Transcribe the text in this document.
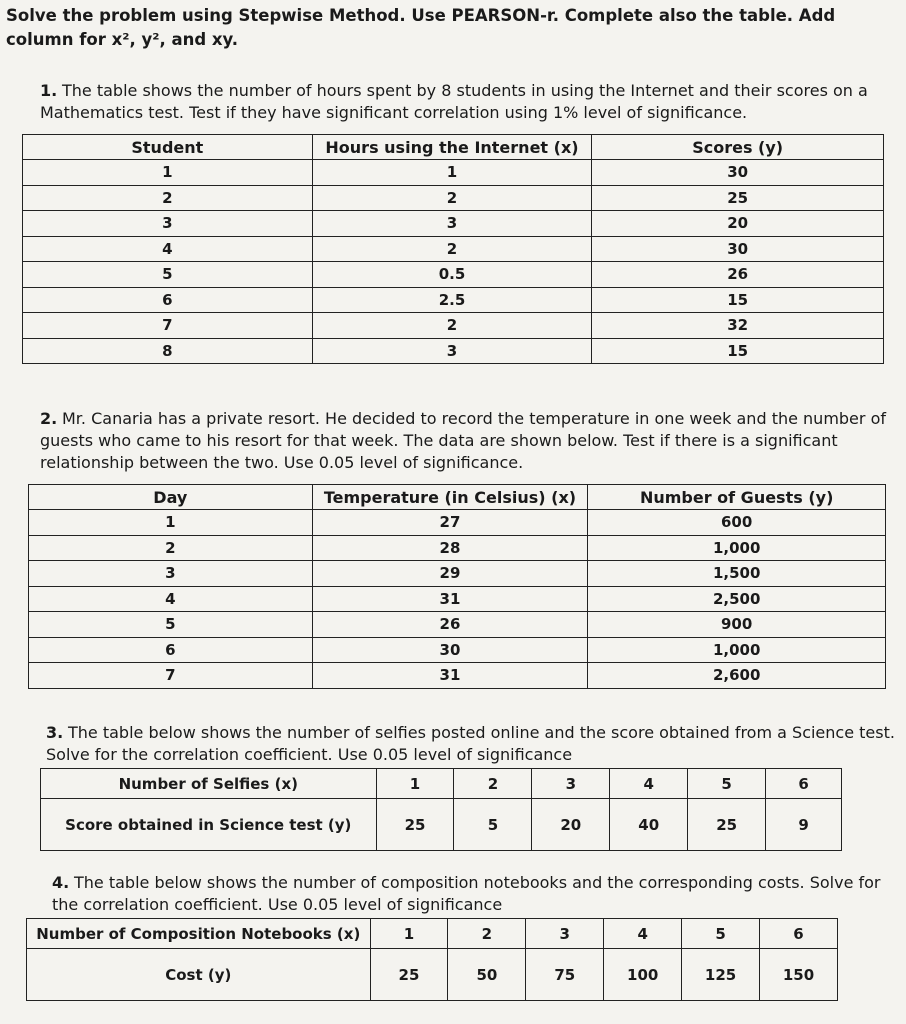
Solve the problem using Stepwise Method. Use PEARSON-r. Complete also the table. Add column for x², y², and xy.

1. The table shows the number of hours spent by 8 students in using the Internet and their scores on a Mathematics test. Test if they have significant correlation using 1% level of significance.

Student	Hours using the Internet (x)	Scores (y)
1	1	30
2	2	25
3	3	20
4	2	30
5	0.5	26
6	2.5	15
7	2	32
8	3	15

2. Mr. Canaria has a private resort. He decided to record the temperature in one week and the number of guests who came to his resort for that week. The data are shown below. Test if there is a significant relationship between the two. Use 0.05 level of significance.

Day	Temperature (in Celsius) (x)	Number of Guests (y)
1	27	600
2	28	1,000
3	29	1,500
4	31	2,500
5	26	900
6	30	1,000
7	31	2,600

3. The table below shows the number of selfies posted online and the score obtained from a Science test. Solve for the correlation coefficient. Use 0.05 level of significance

Number of Selfies (x)	1	2	3	4	5	6
Score obtained in Science test (y)	25	5	20	40	25	9

4. The table below shows the number of composition notebooks and the corresponding costs. Solve for the correlation coefficient. Use 0.05 level of significance

Number of Composition Notebooks (x)	1	2	3	4	5	6
Cost (y)	25	50	75	100	125	150
